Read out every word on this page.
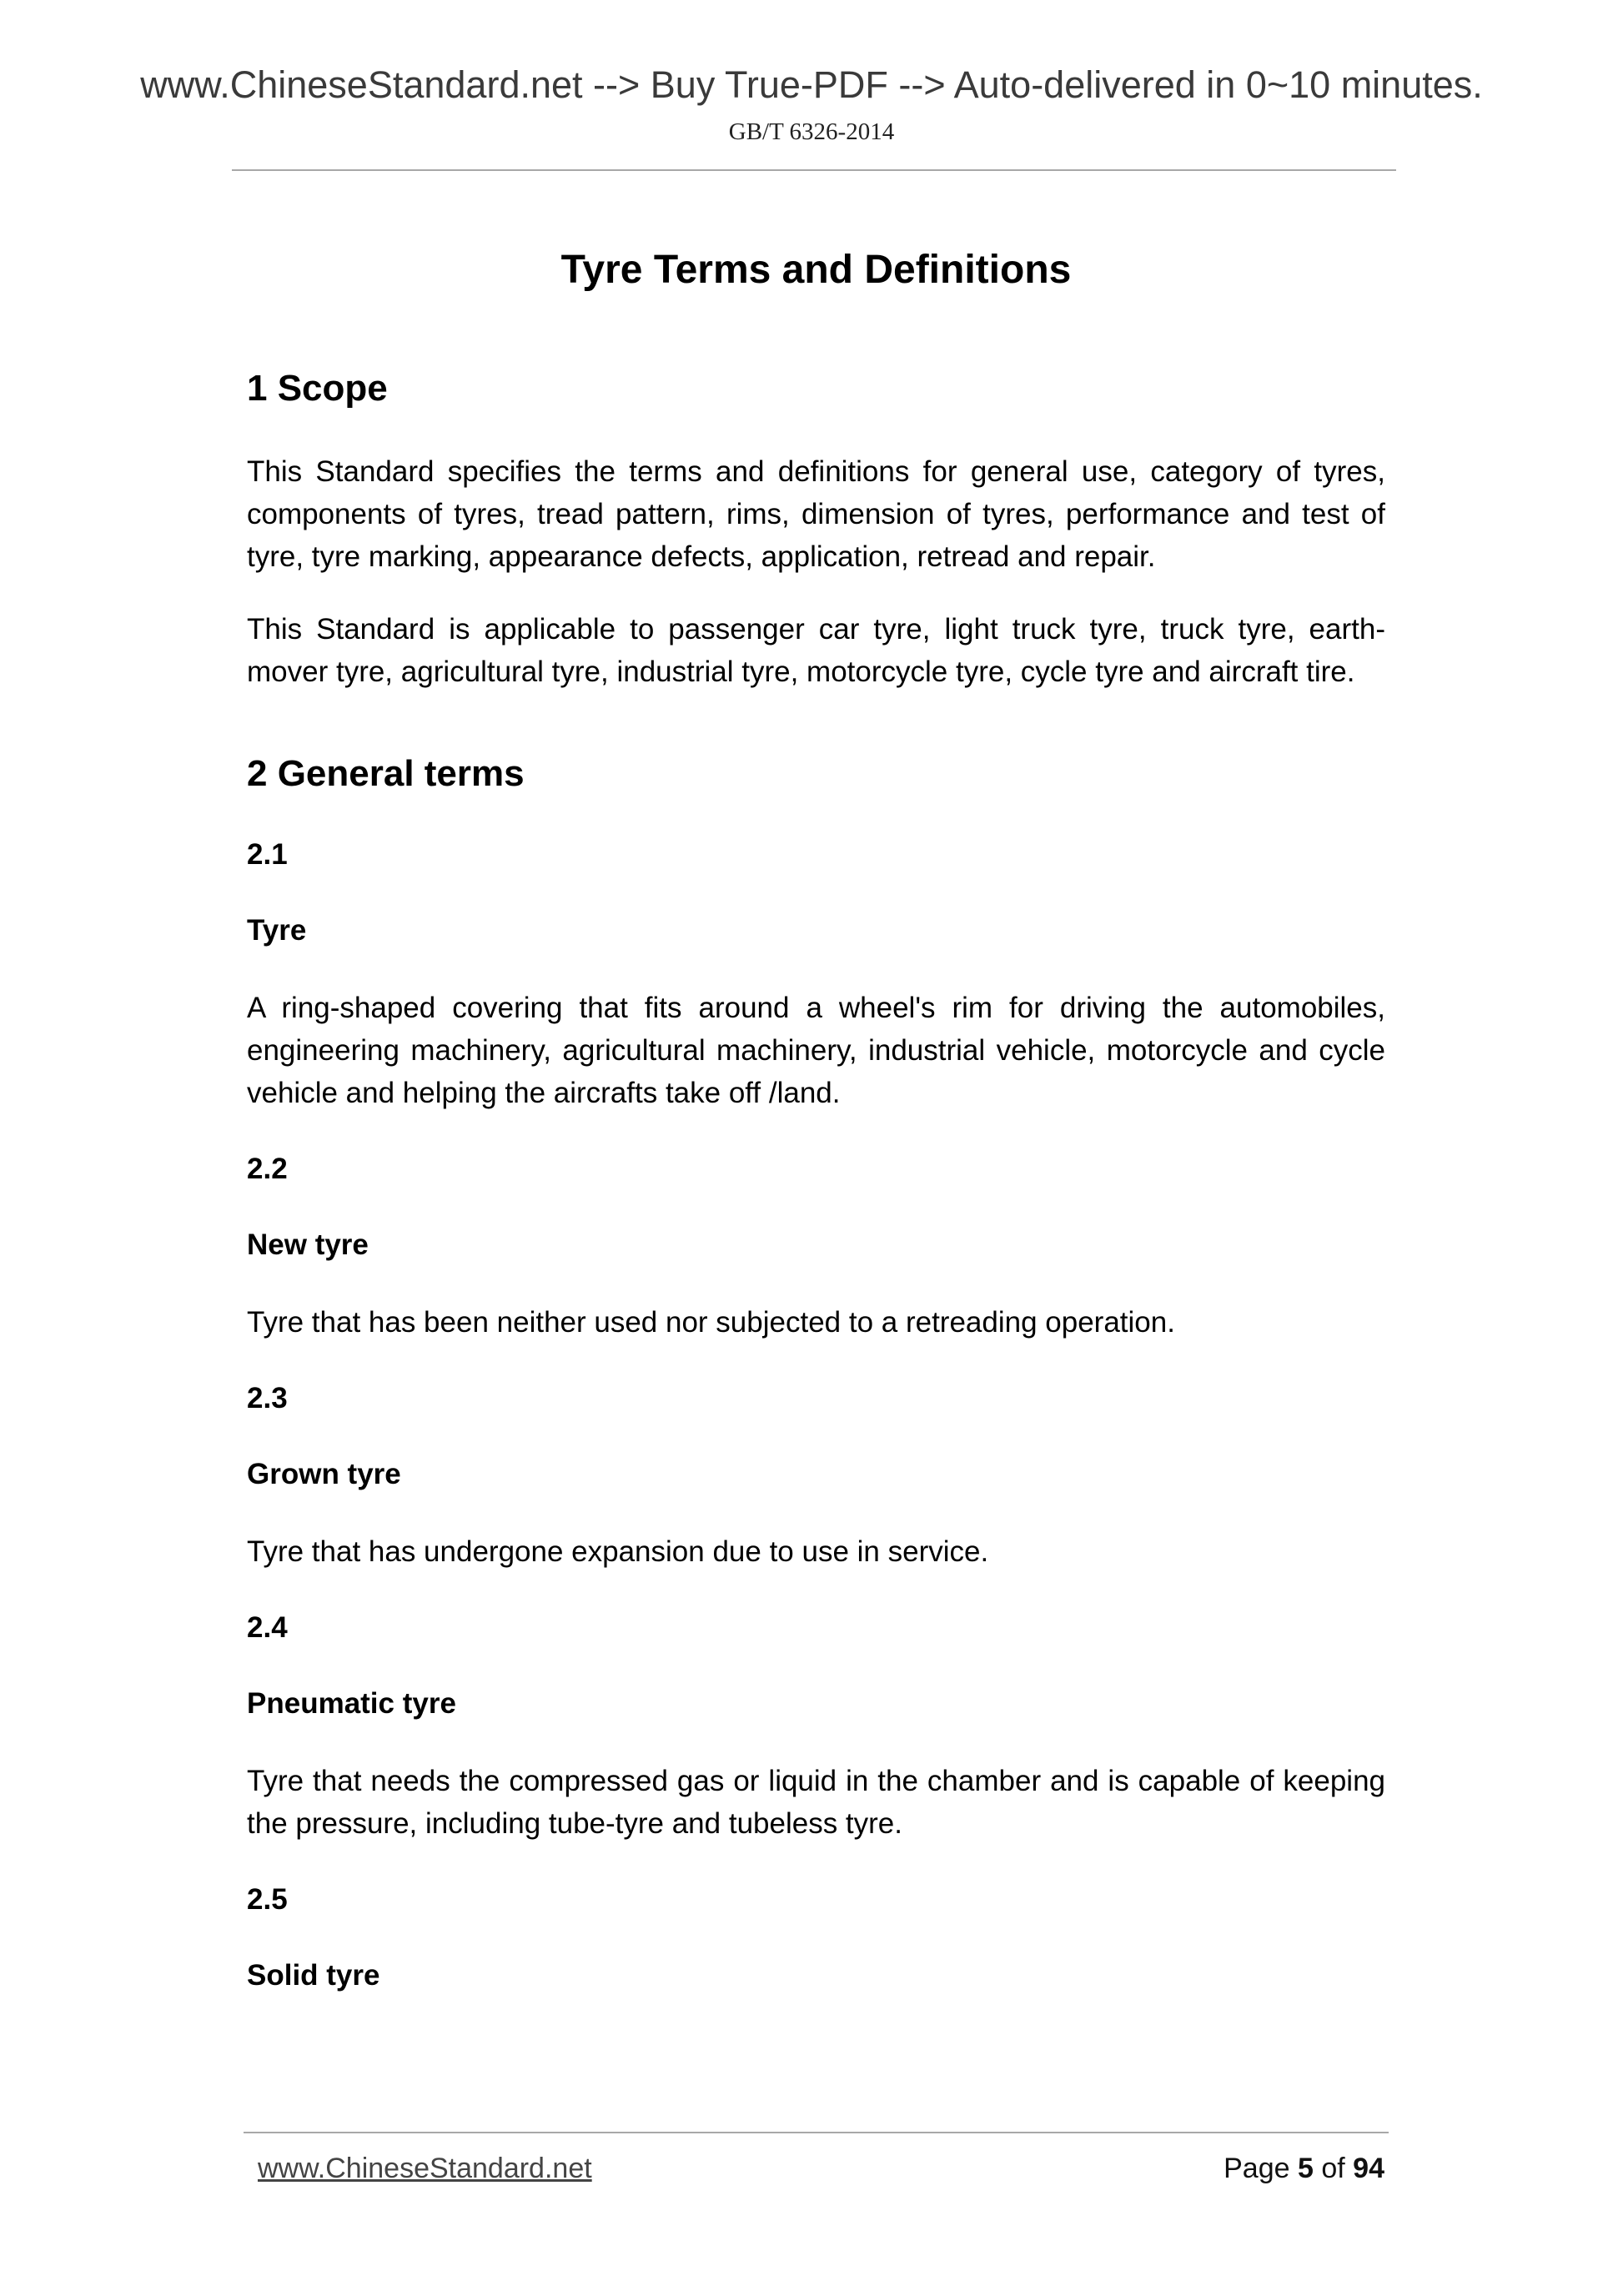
www.ChineseStandard.net --> Buy True-PDF --> Auto-delivered in 0~10 minutes.
GB/T 6326-2014
Tyre Terms and Definitions
1 Scope

This Standard specifies the terms and definitions for general use, category of tyres, components of tyres, tread pattern, rims, dimension of tyres, performance and test of tyre, tyre marking, appearance defects, application, retread and repair.

This Standard is applicable to passenger car tyre, light truck tyre, truck tyre, earth-mover tyre, agricultural tyre, industrial tyre, motorcycle tyre, cycle tyre and aircraft tire.

2 General terms
2.1
Tyre

A ring-shaped covering that fits around a wheel's rim for driving the automobiles, engineering machinery, agricultural machinery, industrial vehicle, motorcycle and cycle vehicle and helping the aircrafts take off /land.

2.2
New tyre

Tyre that has been neither used nor subjected to a retreading operation.

2.3
Grown tyre

Tyre that has undergone expansion due to use in service.

2.4
Pneumatic tyre

Tyre that needs the compressed gas or liquid in the chamber and is capable of keeping the pressure, including tube-tyre and tubeless tyre.

2.5
Solid tyre
www.ChineseStandard.net	Page 5 of 94
